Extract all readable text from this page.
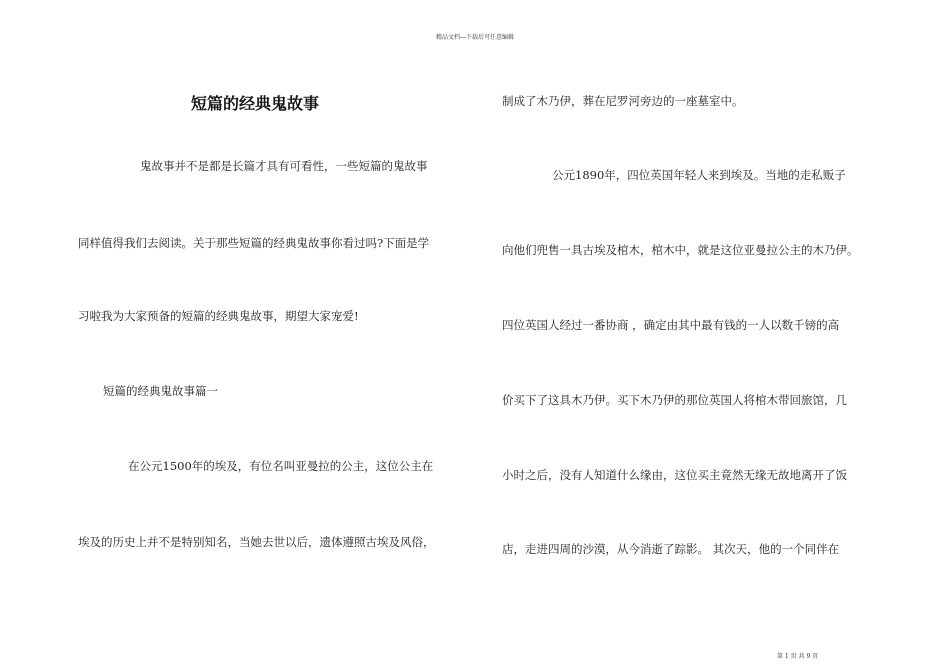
精品文档---下载后可任意编辑
短篇的经典鬼故事
鬼故事并不是都是长篇才具有可看性，一些短篇的鬼故事
同样值得我们去阅读。关于那些短篇的经典鬼故事你看过吗?下面是学
习啦我为大家预备的短篇的经典鬼故事，期望大家宠爱!
短篇的经典鬼故事篇一
在公元1500年的埃及，有位名叫亚曼拉的公主，这位公主在
埃及的历史上并不是特别知名，当她去世以后，遗体遵照古埃及风俗，
制成了木乃伊，葬在尼罗河旁边的一座墓室中。
公元1890年，四位英国年轻人来到埃及。当地的走私贩子
向他们兜售一具古埃及棺木，棺木中，就是这位亚曼拉公主的木乃伊。
四位英国人经过一番协商 ，确定由其中最有钱的一人以数千镑的高
价买下了这具木乃伊。买下木乃伊的那位英国人将棺木带回旅馆，几
小时之后，没有人知道什么缘由，这位买主竟然无缘无故地离开了饭
店，走进四周的沙漠，从今消逝了踪影。 其次天，他的一个同伴在
第 1 页 共 9 页
